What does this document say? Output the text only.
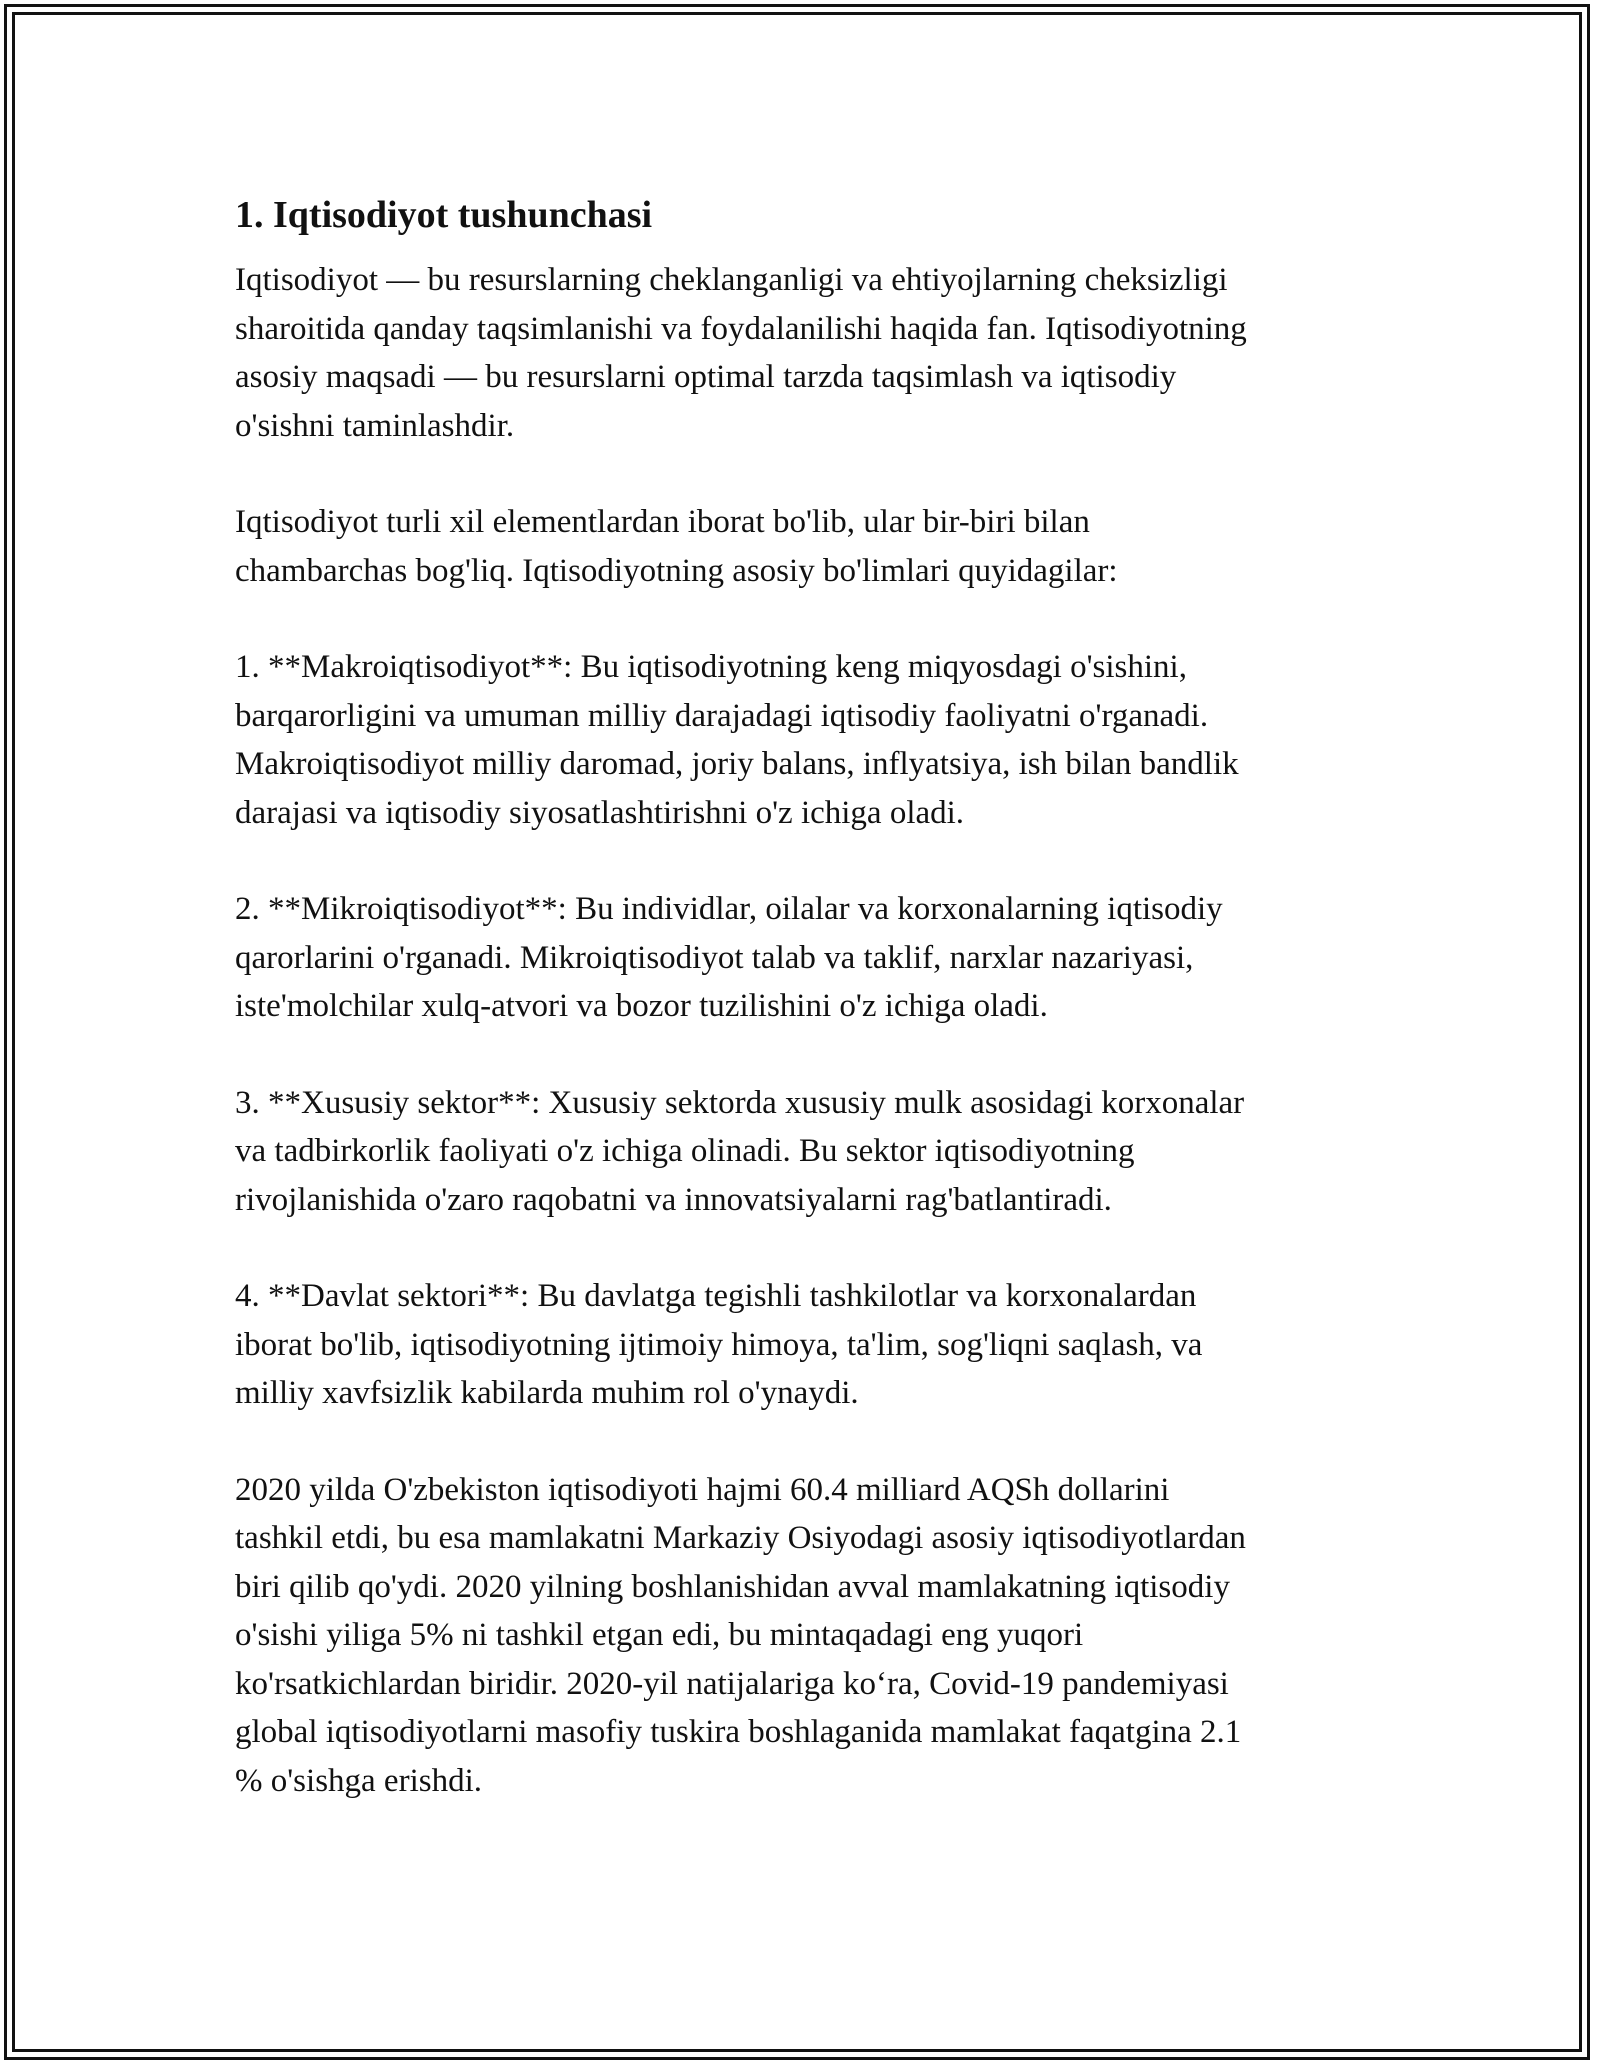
1. Iqtisodiyot tushunchasi

Iqtisodiyot — bu resurslarning cheklanganligi va ehtiyojlarning cheksizligi
sharoitida qanday taqsimlanishi va foydalanilishi haqida fan. Iqtisodiyotning
asosiy maqsadi — bu resurslarni optimal tarzda taqsimlash va iqtisodiy
o'sishni taminlashdir.

Iqtisodiyot turli xil elementlardan iborat bo'lib, ular bir-biri bilan
chambarchas bog'liq. Iqtisodiyotning asosiy bo'limlari quyidagilar:

1. **Makroiqtisodiyot**: Bu iqtisodiyotning keng miqyosdagi o'sishini,
barqarorligini va umuman milliy darajadagi iqtisodiy faoliyatni o'rganadi.
Makroiqtisodiyot milliy daromad, joriy balans, inflyatsiya, ish bilan bandlik
darajasi va iqtisodiy siyosatlashtirishni o'z ichiga oladi.

2. **Mikroiqtisodiyot**: Bu individlar, oilalar va korxonalarning iqtisodiy
qarorlarini o'rganadi. Mikroiqtisodiyot talab va taklif, narxlar nazariyasi,
iste'molchilar xulq-atvori va bozor tuzilishini o'z ichiga oladi.

3. **Xususiy sektor**: Xususiy sektorda xususiy mulk asosidagi korxonalar
va tadbirkorlik faoliyati o'z ichiga olinadi. Bu sektor iqtisodiyotning
rivojlanishida o'zaro raqobatni va innovatsiyalarni rag'batlantiradi.

4. **Davlat sektori**: Bu davlatga tegishli tashkilotlar va korxonalardan
iborat bo'lib, iqtisodiyotning ijtimoiy himoya, ta'lim, sog'liqni saqlash, va
milliy xavfsizlik kabilarda muhim rol o'ynaydi.

2020 yilda O'zbekiston iqtisodiyoti hajmi 60.4 milliard AQSh dollarini
tashkil etdi, bu esa mamlakatni Markaziy Osiyodagi asosiy iqtisodiyotlardan
biri qilib qo'ydi. 2020 yilning boshlanishidan avval mamlakatning iqtisodiy
o'sishi yiliga 5% ni tashkil etgan edi, bu mintaqadagi eng yuqori
ko'rsatkichlardan biridir. 2020-yil natijalariga koʻra, Covid-19 pandemiyasi
global iqtisodiyotlarni masofiy tuskira boshlaganida mamlakat faqatgina 2.1
% o'sishga erishdi.
